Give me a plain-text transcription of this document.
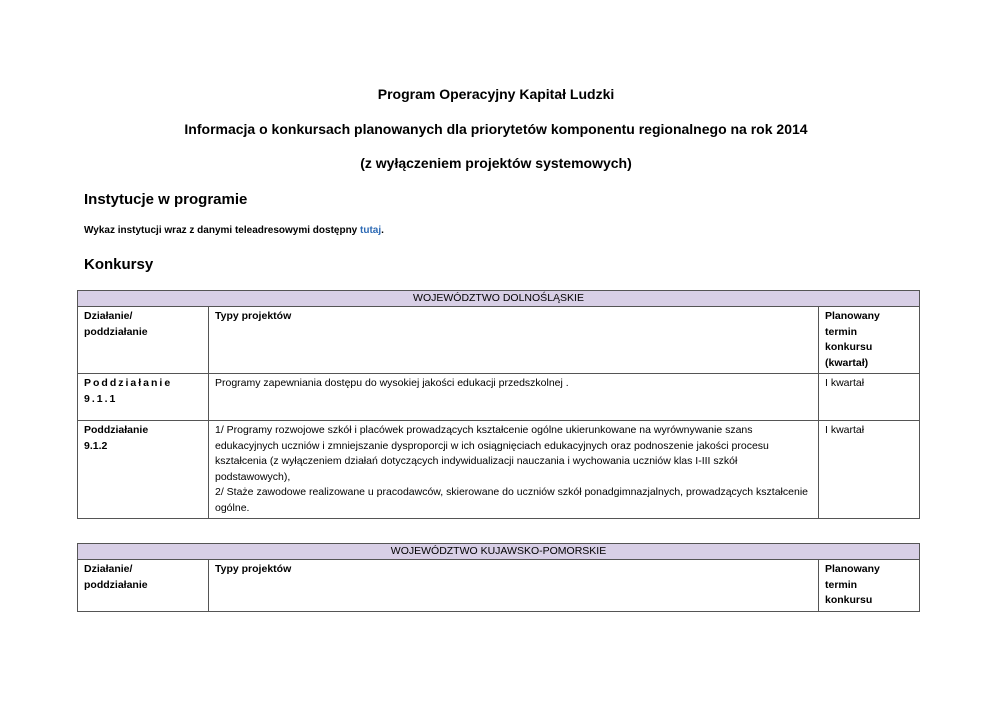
Program Operacyjny Kapitał Ludzki
Informacja o konkursach planowanych dla priorytetów komponentu regionalnego na rok 2014
(z wyłączeniem projektów systemowych)
Instytucje w programie
Wykaz instytucji wraz z danymi teleadresowymi dostępny tutaj.
Konkursy
WOJEWÓDZTWO DOLNOŚLĄSKIE		
Działanie/
poddziałanie	Typy projektów	Planowany
termin
konkursu
(kwartał)
Poddziałanie
9.1.1	Programy zapewniania dostępu do wysokiej jakości edukacji przedszkolnej .	I kwartał
Poddziałanie
9.1.2	1/ Programy rozwojowe szkół i placówek prowadzących kształcenie ogólne ukierunkowane na wyrównywanie szans edukacyjnych uczniów i zmniejszanie dysproporcji w ich osiągnięciach edukacyjnych oraz podnoszenie jakości procesu kształcenia (z wyłączeniem działań dotyczących indywidualizacji nauczania i wychowania uczniów klas I-III szkół podstawowych),
2/ Staże zawodowe realizowane u pracodawców, skierowane do uczniów szkół ponadgimnazjalnych, prowadzących kształcenie ogólne.	I kwartał
WOJEWÓDZTWO KUJAWSKO-POMORSKIE
Działanie/
poddziałanie	Typy projektów	Planowany
termin
konkursu
